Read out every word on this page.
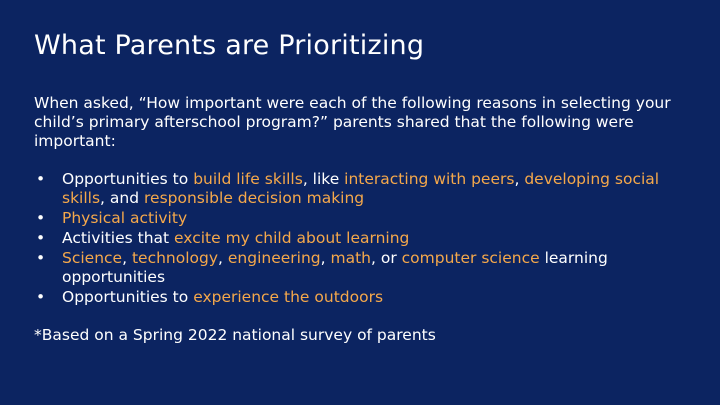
What Parents are Prioritizing

When asked, “How important were each of the following reasons in selecting your child’s primary afterschool program?” parents shared that the following were important:

• Opportunities to build life skills, like interacting with peers, developing social skills, and responsible decision making
• Physical activity
• Activities that excite my child about learning
• Science, technology, engineering, math, or computer science learning opportunities
• Opportunities to experience the outdoors

*Based on a Spring 2022 national survey of parents
